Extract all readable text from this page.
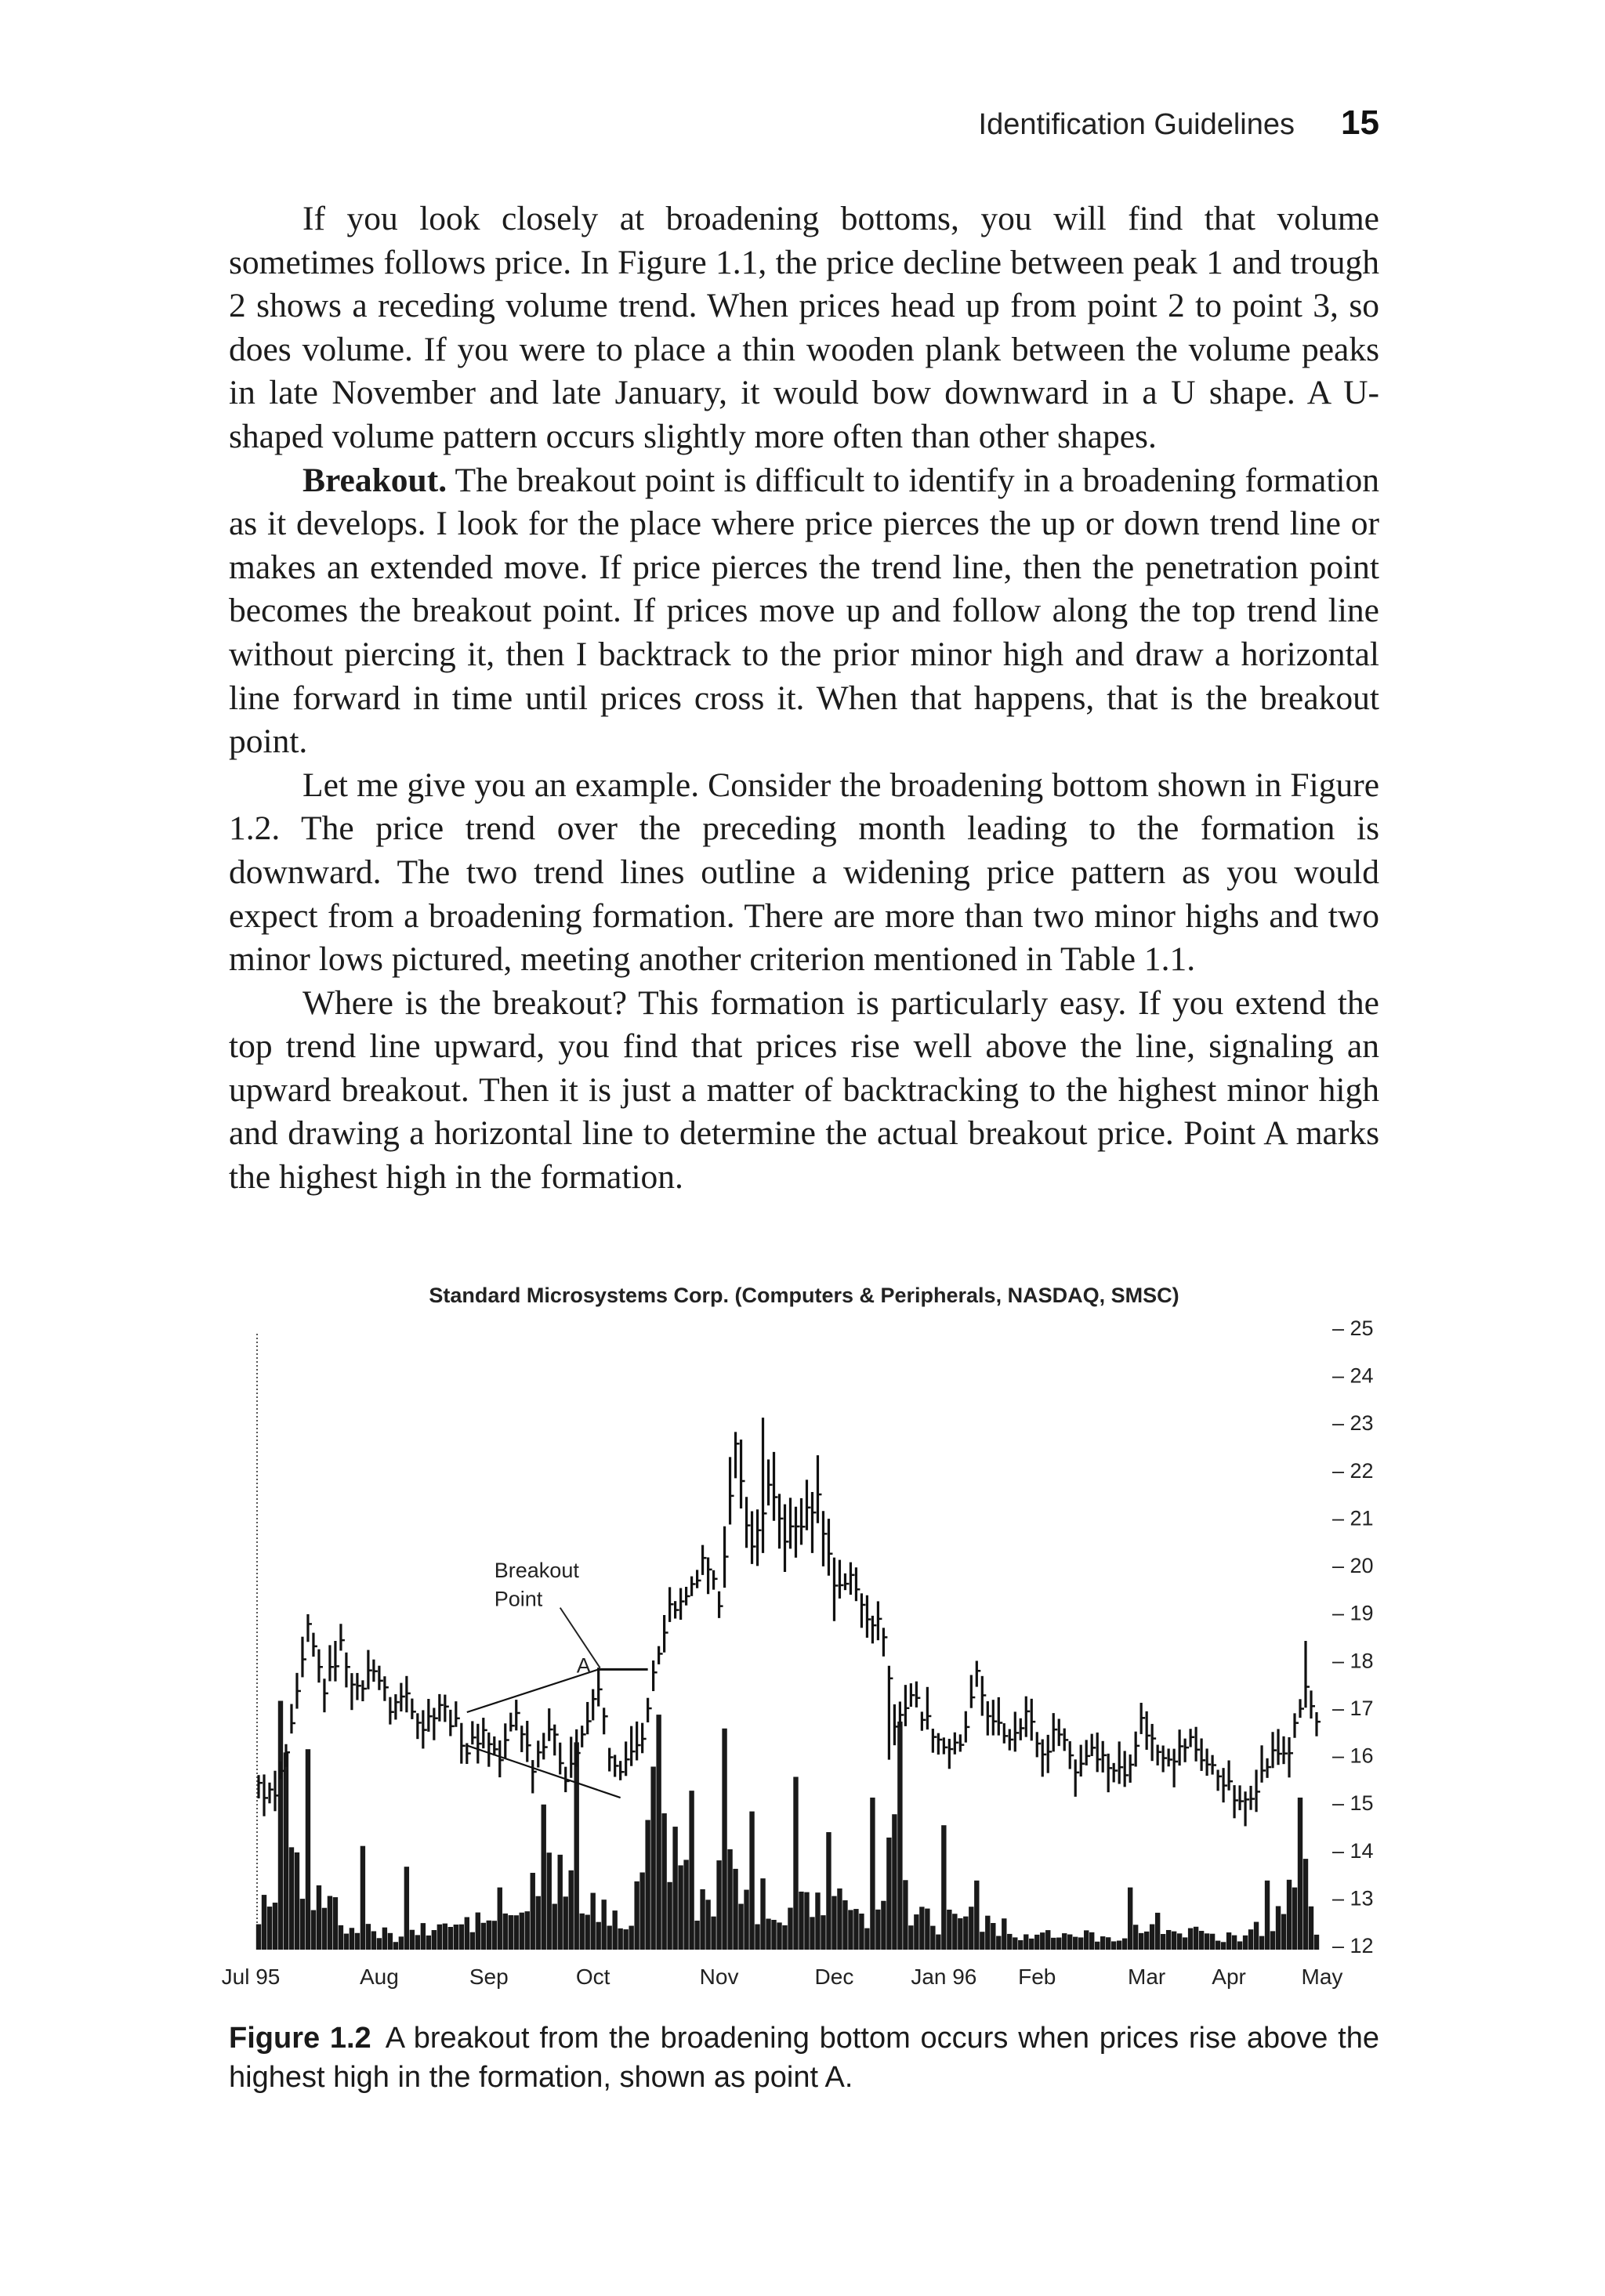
Identification Guidelines 15

If you look closely at broadening bottoms, you will find that volume sometimes follows price. In Figure 1.1, the price decline between peak 1 and trough 2 shows a receding volume trend. When prices head up from point 2 to point 3, so does volume. If you were to place a thin wooden plank between the volume peaks in late November and late January, it would bow downward in a U shape. A U-shaped volume pattern occurs slightly more often than other shapes.

Breakout. The breakout point is difficult to identify in a broadening formation as it develops. I look for the place where price pierces the up or down trend line or makes an extended move. If price pierces the trend line, then the penetration point becomes the breakout point. If prices move up and follow along the top trend line without piercing it, then I backtrack to the prior minor high and draw a horizontal line forward in time until prices cross it. When that happens, that is the breakout point.

Let me give you an example. Consider the broadening bottom shown in Figure 1.2. The price trend over the preceding month leading to the formation is downward. The two trend lines outline a widening price pattern as you would expect from a broadening formation. There are more than two minor highs and two minor lows pictured, meeting another criterion mentioned in Table 1.1.

Where is the breakout? This formation is particularly easy. If you extend the top trend line upward, you find that prices rise well above the line, signaling an upward breakout. Then it is just a matter of backtracking to the highest minor high and drawing a horizontal line to determine the actual breakout price. Point A marks the highest high in the formation.

Standard Microsystems Corp. (Computers & Peripherals, NASDAQ, SMSC)
– 25
– 24
– 23
– 22
– 21
– 20
– 19
– 18
– 17
– 16
– 15
– 14
– 13
– 12
Breakout
Point
A
Jul 95	Aug	Sep	Oct	Nov	Dec	Jan 96 Feb	Mar Apr	May
Figure 1.2 A breakout from the broadening bottom occurs when prices rise above the highest high in the formation, shown as point A.
